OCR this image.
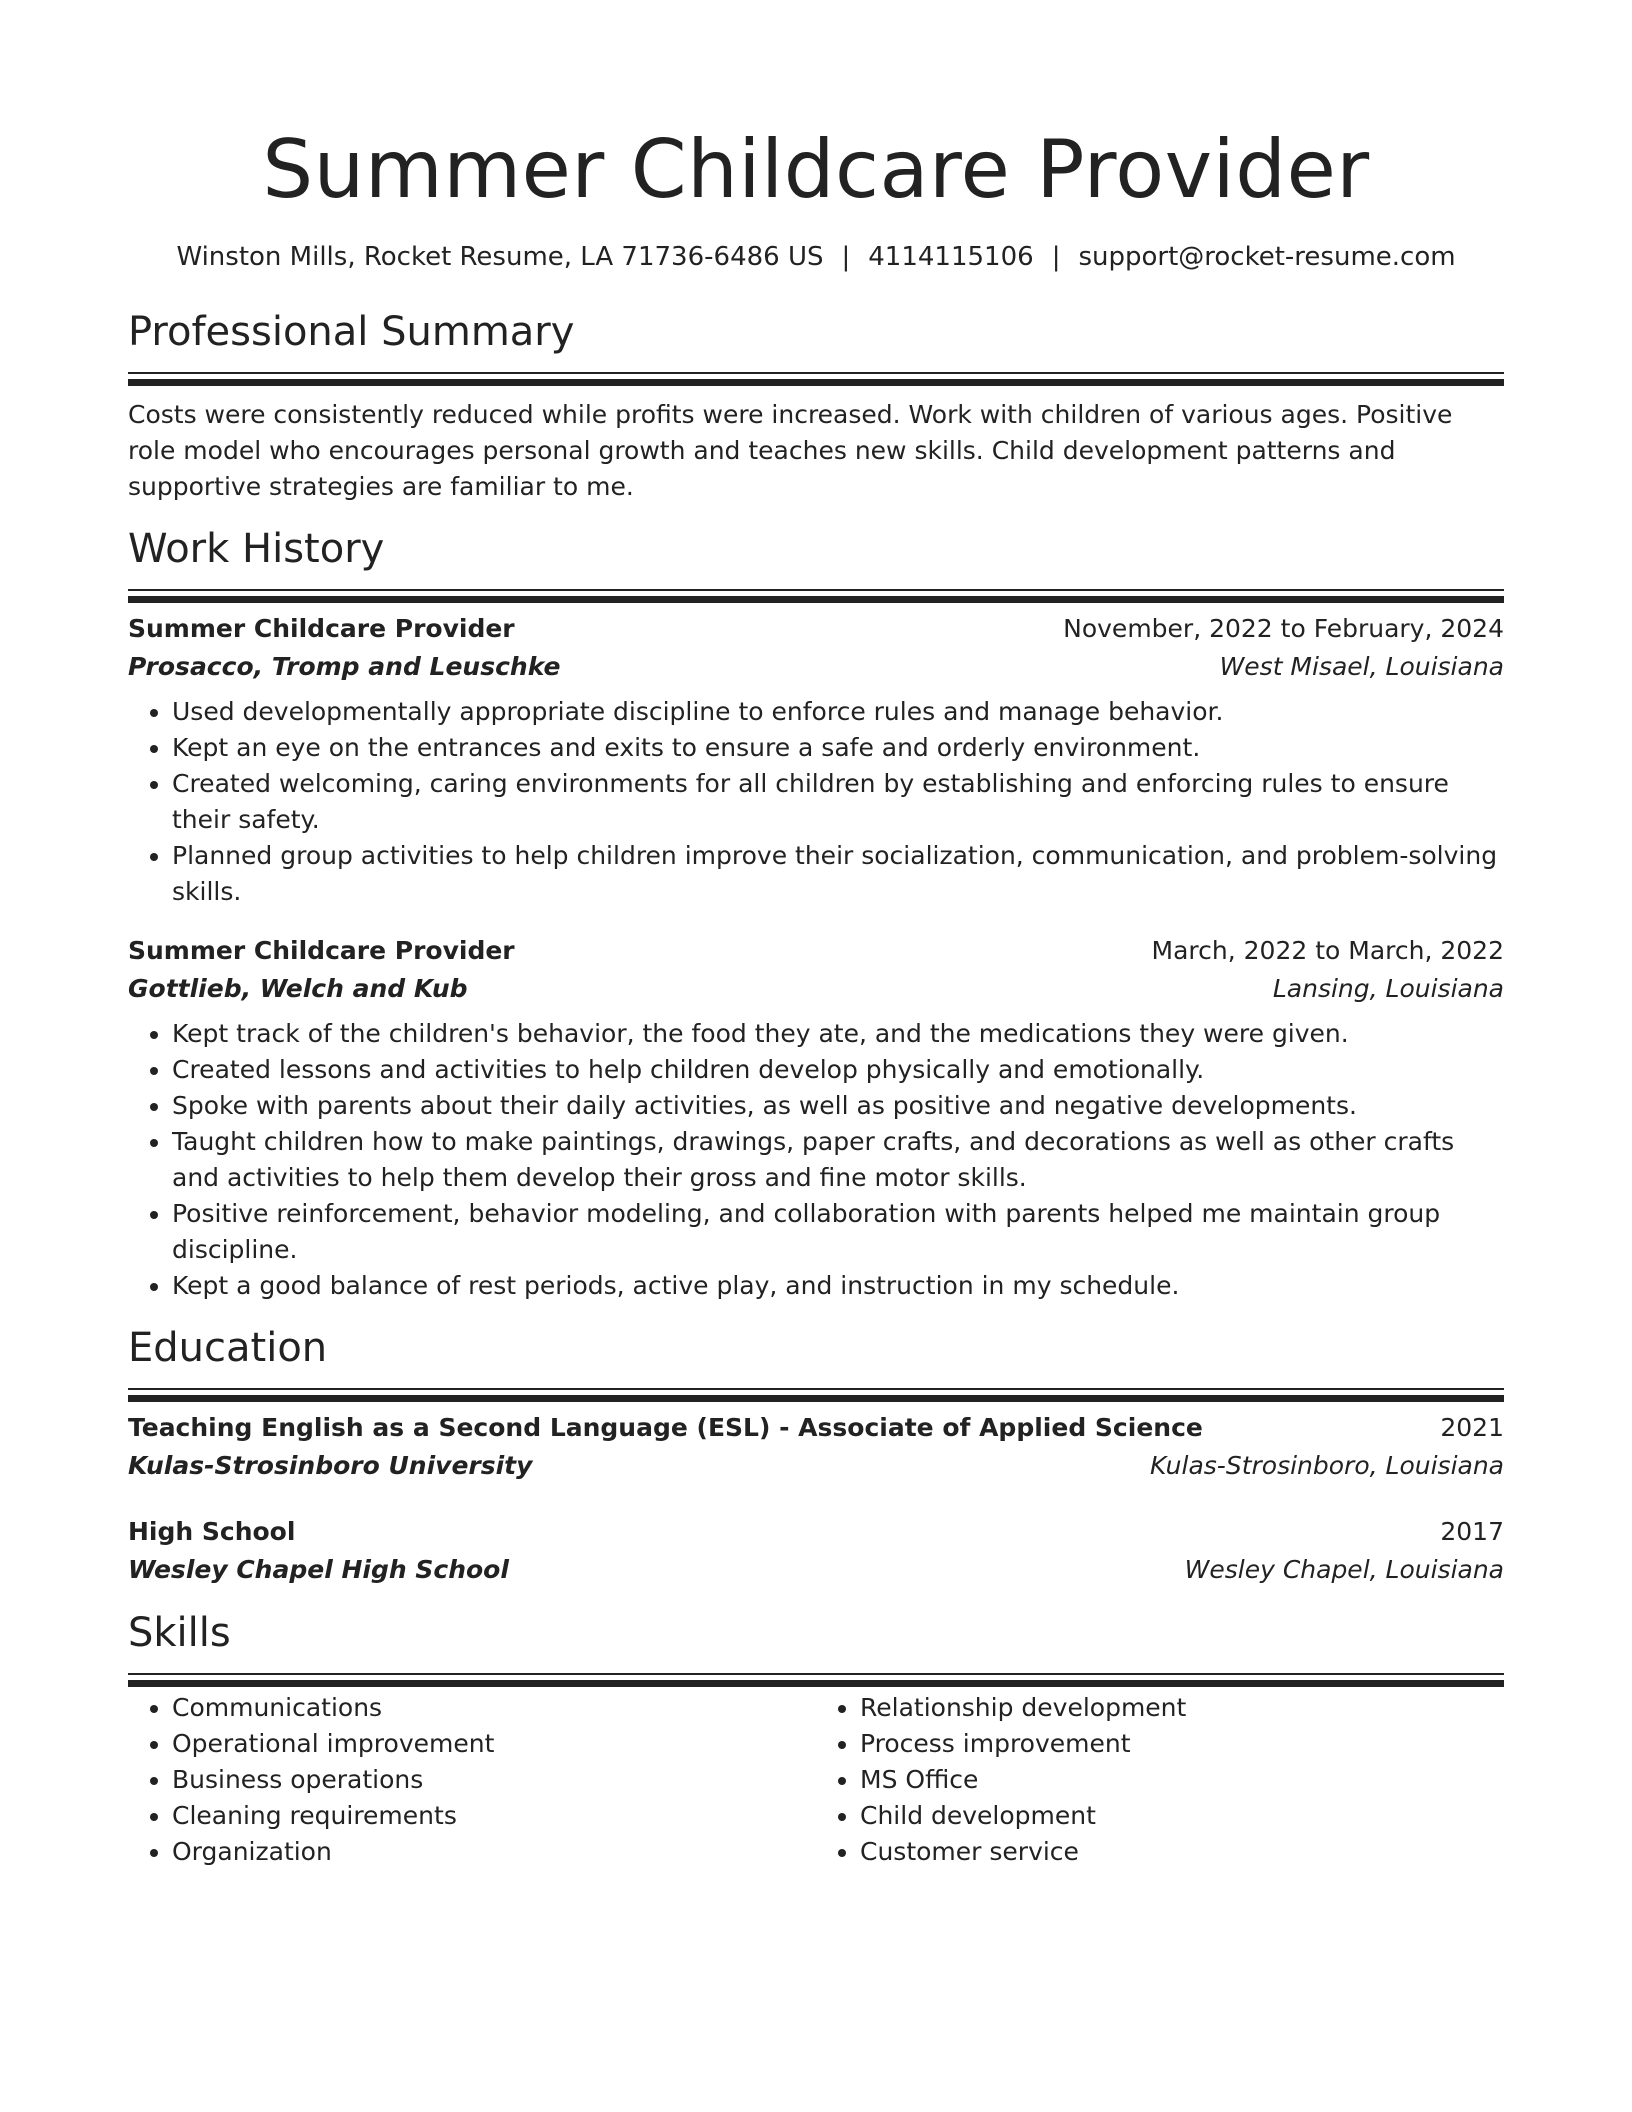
Summer Childcare Provider
Winston Mills, Rocket Resume, LA 71736-6486 US | 4114115106 | support@rocket-resume.com
Professional Summary
Costs were consistently reduced while profits were increased. Work with children of various ages. Positive role model who encourages personal growth and teaches new skills. Child development patterns and supportive strategies are familiar to me.
Work History
Summer Childcare Provider	November, 2022 to February, 2024
Prosacco, Tromp and Leuschke	West Misael, Louisiana
• Used developmentally appropriate discipline to enforce rules and manage behavior.
• Kept an eye on the entrances and exits to ensure a safe and orderly environment.
• Created welcoming, caring environments for all children by establishing and enforcing rules to ensure their safety.
• Planned group activities to help children improve their socialization, communication, and problem-solving skills.
Summer Childcare Provider	March, 2022 to March, 2022
Gottlieb, Welch and Kub	Lansing, Louisiana
• Kept track of the children's behavior, the food they ate, and the medications they were given.
• Created lessons and activities to help children develop physically and emotionally.
• Spoke with parents about their daily activities, as well as positive and negative developments.
• Taught children how to make paintings, drawings, paper crafts, and decorations as well as other crafts and activities to help them develop their gross and fine motor skills.
• Positive reinforcement, behavior modeling, and collaboration with parents helped me maintain group discipline.
• Kept a good balance of rest periods, active play, and instruction in my schedule.
Education
Teaching English as a Second Language (ESL) - Associate of Applied Science	2021
Kulas-Strosinboro University	Kulas-Strosinboro, Louisiana
High School	2017
Wesley Chapel High School	Wesley Chapel, Louisiana
Skills
• Communications
• Operational improvement
• Business operations
• Cleaning requirements
• Organization
• Relationship development
• Process improvement
• MS Office
• Child development
• Customer service
